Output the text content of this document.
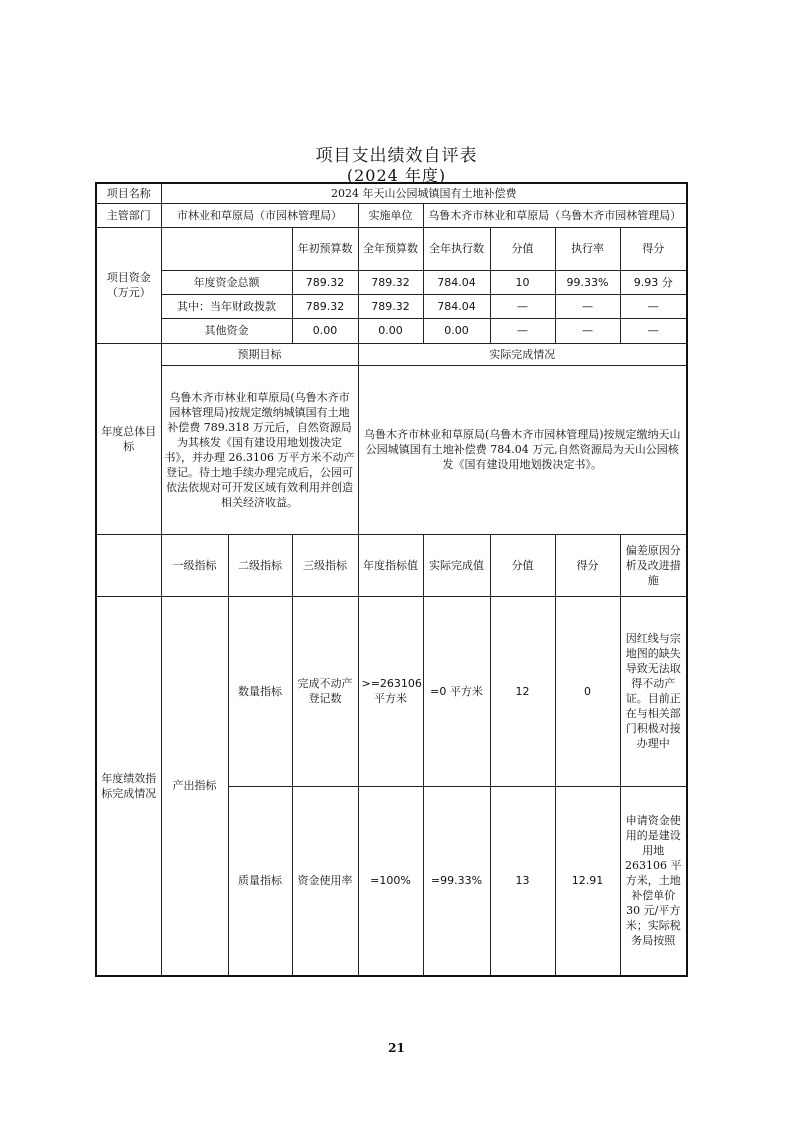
项目支出绩效自评表
(2024 年度)
项目名称	2024 年天山公园城镇国有土地补偿费							
主管部门	市林业和草原局（市园林管理局）			实施单位	乌鲁木齐市林业和草原局（乌鲁木齐市园林管理局）			
项目资金（万元）			年初预算数	全年预算数	全年执行数	分值	执行率	得分
	年度资金总额		789.32	789.32	784.04	10	99.33%	9.93 分
	其中：当年财政拨款		789.32	789.32	784.04	—	—	—
	其他资金		0.00	0.00	0.00	—	—	—
年度总体目标	预期目标			实际完成情况				
	乌鲁木齐市林业和草原局(乌鲁木齐市园林管理局)按规定缴纳城镇国有土地补偿费 789.318 万元后，自然资源局为其核发《国有建设用地划拨决定书》，并办理 26.3106 万平方米不动产登记。待土地手续办理完成后，公园可依法依规对可开发区域有效利用并创造相关经济收益。			乌鲁木齐市林业和草原局(乌鲁木齐市园林管理局)按规定缴纳天山公园城镇国有土地补偿费 784.04 万元,自然资源局为天山公园核发《国有建设用地划拨决定书》。				
	一级指标	二级指标	三级指标	年度指标值	实际完成值	分值	得分	偏差原因分析及改进措施
年度绩效指标完成情况	产出指标	数量指标	完成不动产登记数	>=263106 平方米	=0 平方米	12	0	因红线与宗地图的缺失导致无法取得不动产证。目前正在与相关部门积极对接办理中
		质量指标	资金使用率	=100%	=99.33%	13	12.91	申请资金使用的是建设用地 263106 平方米，土地补偿单价 30 元/平方米；实际税务局按照
21
